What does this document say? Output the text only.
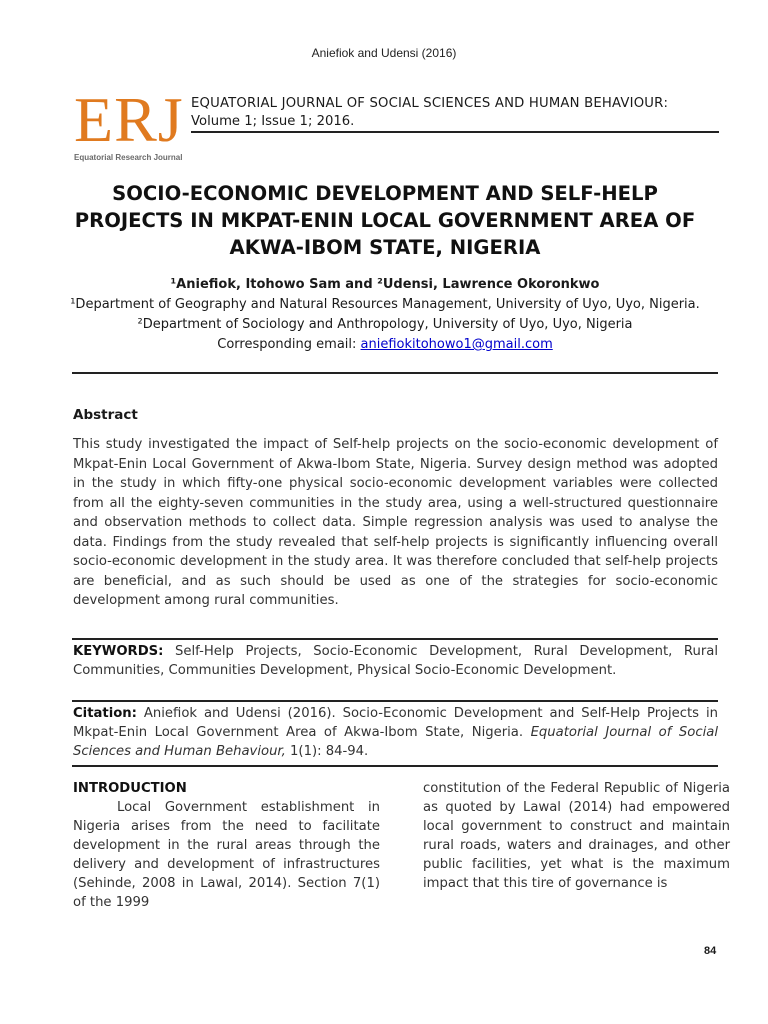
Aniefiok and Udensi (2016)
ERJ
Equatorial Research Journal
EQUATORIAL JOURNAL OF SOCIAL SCIENCES AND HUMAN BEHAVIOUR: Volume 1; Issue 1; 2016.
SOCIO-ECONOMIC DEVELOPMENT AND SELF-HELP PROJECTS IN MKPAT-ENIN LOCAL GOVERNMENT AREA OF AKWA-IBOM STATE, NIGERIA
¹Aniefiok, Itohowo Sam and ²Udensi, Lawrence Okoronkwo
¹Department of Geography and Natural Resources Management, University of Uyo, Uyo, Nigeria.
²Department of Sociology and Anthropology, University of Uyo, Uyo, Nigeria
Corresponding email: aniefiokitohowo1@gmail.com
Abstract
This study investigated the impact of Self-help projects on the socio-economic development of Mkpat-Enin Local Government of Akwa-Ibom State, Nigeria. Survey design method was adopted in the study in which fifty-one physical socio-economic development variables were collected from all the eighty-seven communities in the study area, using a well-structured questionnaire and observation methods to collect data. Simple regression analysis was used to analyse the data. Findings from the study revealed that self-help projects is significantly influencing overall socio-economic development in the study area. It was therefore concluded that self-help projects are beneficial, and as such should be used as one of the strategies for socio-economic development among rural communities.
KEYWORDS: Self-Help Projects, Socio-Economic Development, Rural Development, Rural Communities, Communities Development, Physical Socio-Economic Development.
Citation: Aniefiok and Udensi (2016). Socio-Economic Development and Self-Help Projects in Mkpat-Enin Local Government Area of Akwa-Ibom State, Nigeria. Equatorial Journal of Social Sciences and Human Behaviour, 1(1): 84-94.
INTRODUCTION
Local Government establishment in Nigeria arises from the need to facilitate development in the rural areas through the delivery and development of infrastructures (Sehinde, 2008 in Lawal, 2014). Section 7(1) of the 1999
constitution of the Federal Republic of Nigeria as quoted by Lawal (2014) had empowered local government to construct and maintain rural roads, waters and drainages, and other public facilities, yet what is the maximum impact that this tire of governance is
84
